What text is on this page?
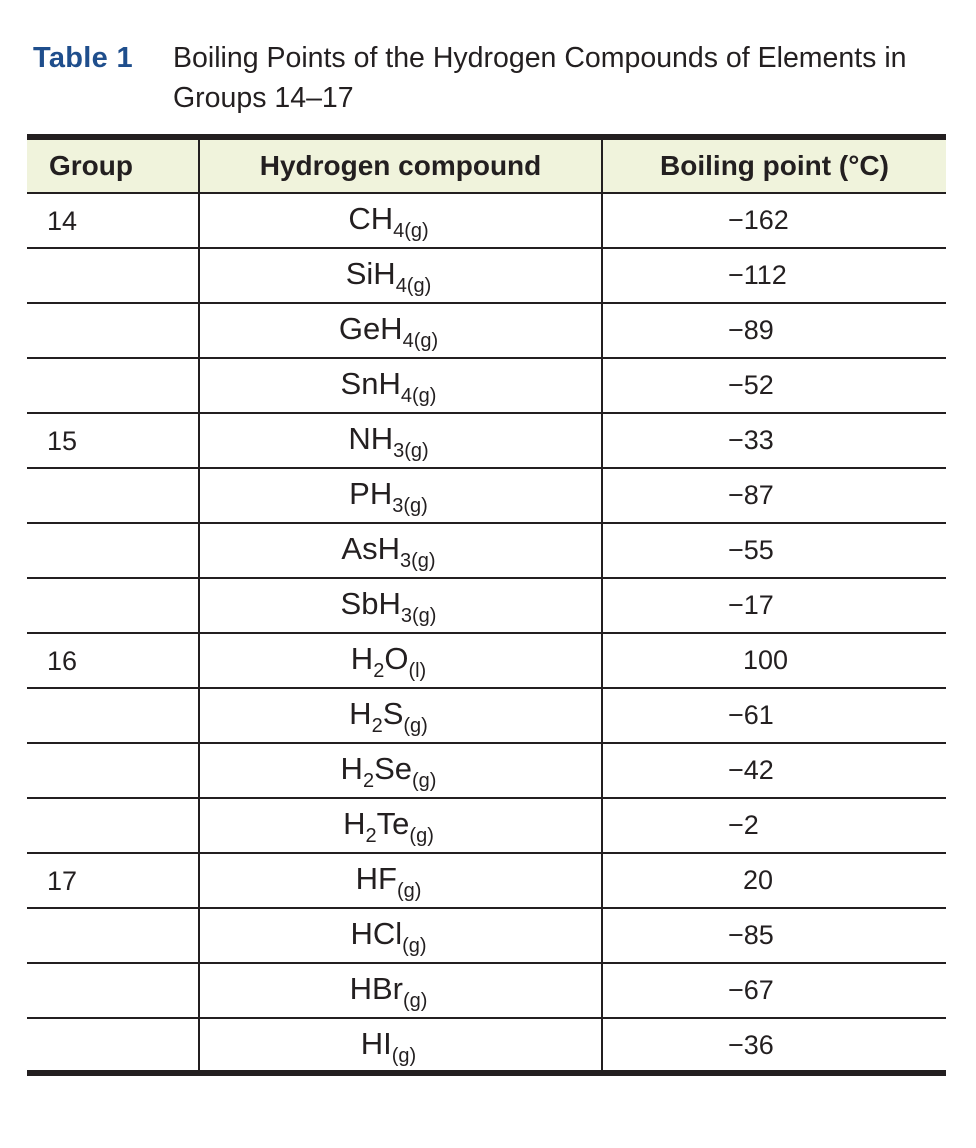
Table 1 Boiling Points of the Hydrogen Compounds of Elements in Groups 14–17
Group	Hydrogen compound	Boiling point (°C)
14	$CH_{4(g)}$	−162
	SiH$_{4(g)}$	−112
	GeH$_{4(g)}$	−89
	SnH$_{4(g)}$	−52
15	$NH_{3(g)}$	−33
	$PH_{3(g)}$	−87
	AsH$_{3(g)}$	−55
	SbH$_{3(g)}$	−17
16	$H_2O_{(l)}$	 100
	$H_2S_{(g)}$	−61
	$H_2Se_{(g)}$	−42
	$H_2Te_{(g)}$	−2
17	$HF_{(g)}$	 20
	HCl$_{(g)}$	−85
	HBr$_{(g)}$	−67
	$HI_{(g)}$	−36
